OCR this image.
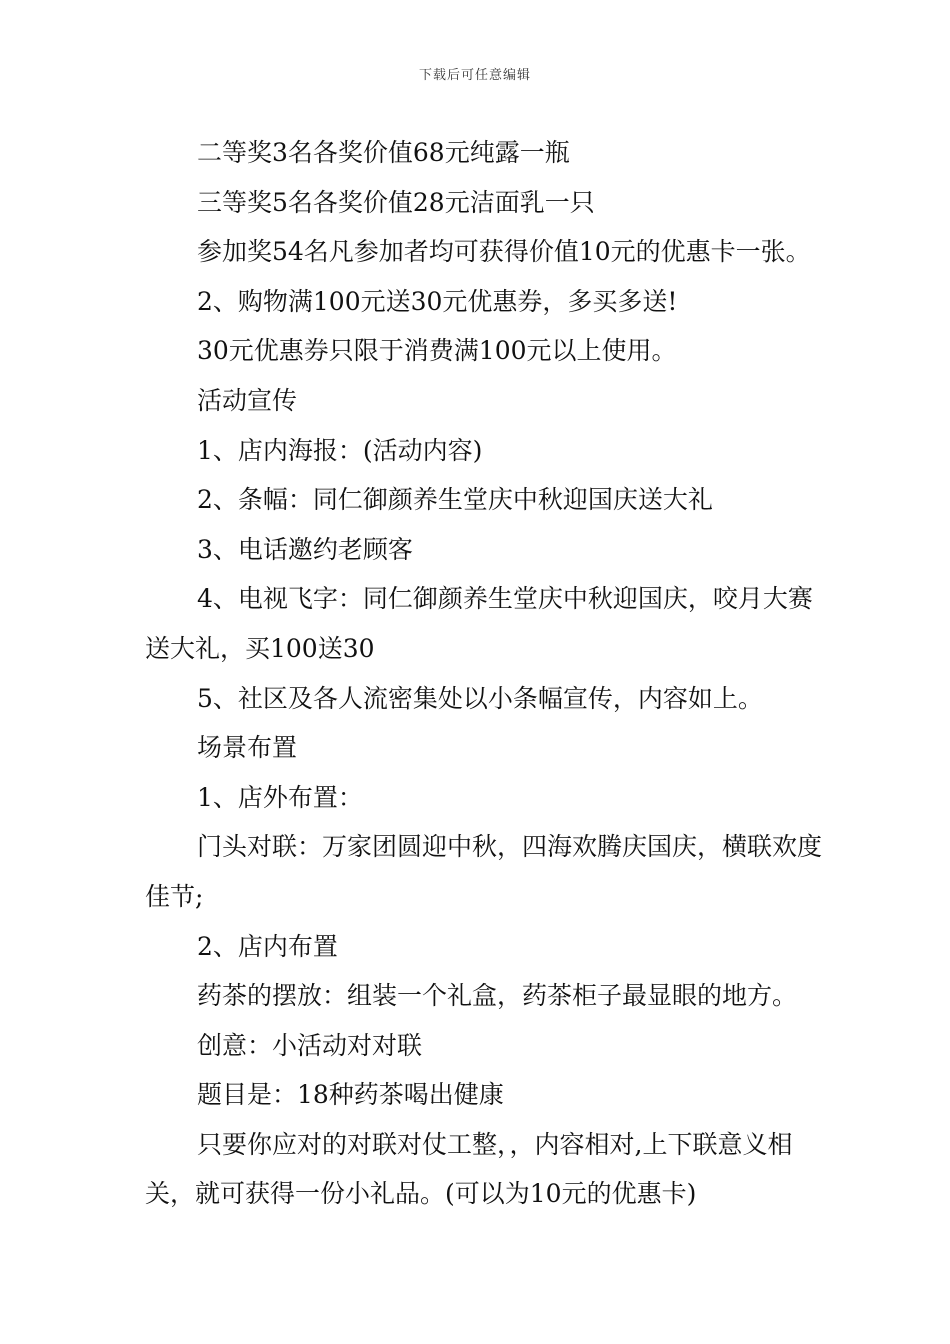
下载后可任意编辑

二等奖3名各奖价值68元纯露一瓶

三等奖5名各奖价值28元洁面乳一只

参加奖54名凡参加者均可获得价值10元的优惠卡一张。

2、购物满100元送30元优惠券，多买多送!

30元优惠券只限于消费满100元以上使用。

活动宣传

1、店内海报：(活动内容)

2、条幅：同仁御颜养生堂庆中秋迎国庆送大礼

3、电话邀约老顾客

4、电视飞字：同仁御颜养生堂庆中秋迎国庆，咬月大赛送大礼，买100送30

5、社区及各人流密集处以小条幅宣传，内容如上。

场景布置

1、店外布置：

门头对联：万家团圆迎中秋，四海欢腾庆国庆，横联欢度佳节;

2、店内布置

药茶的摆放：组装一个礼盒，药茶柜子最显眼的地方。

创意：小活动对对联

题目是：18种药茶喝出健康

只要你应对的对联对仗工整，，内容相对,上下联意义相关，就可获得一份小礼品。(可以为10元的优惠卡)
